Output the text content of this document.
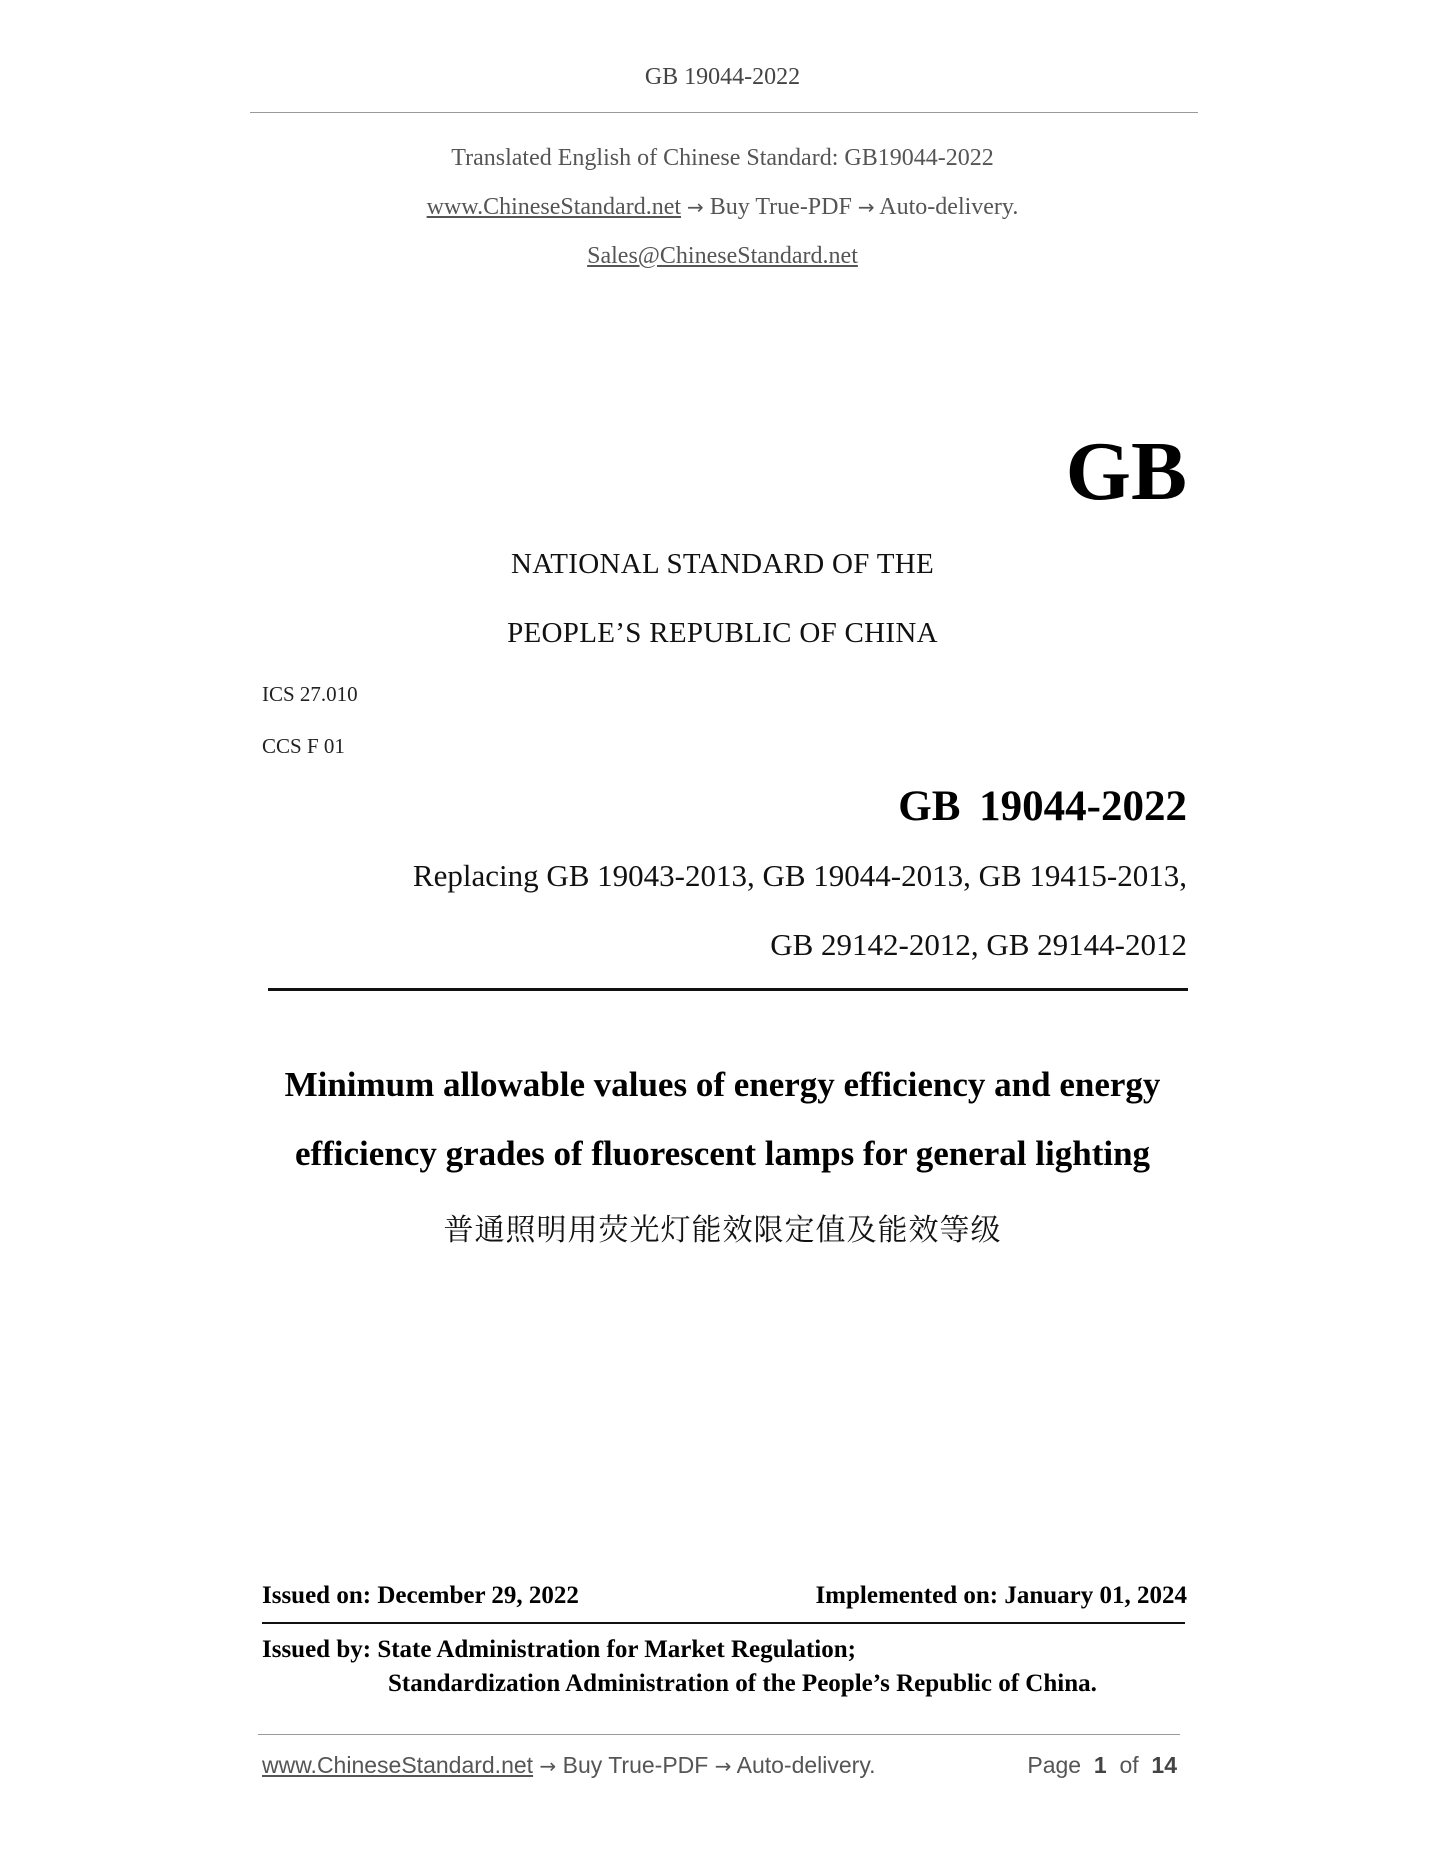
GB 19044-2022
Translated English of Chinese Standard: GB19044-2022
www.ChineseStandard.net → Buy True-PDF → Auto-delivery.
Sales@ChineseStandard.net
GB
NATIONAL STANDARD OF THE
PEOPLE’S REPUBLIC OF CHINA
ICS 27.010
CCS F 01
GB 19044-2022
Replacing GB 19043-2013, GB 19044-2013, GB 19415-2013,
GB 29142-2012, GB 29144-2012
Minimum allowable values of energy efficiency and energy
efficiency grades of fluorescent lamps for general lighting
普通照明用荧光灯能效限定值及能效等级
Issued on: December 29, 2022	Implemented on: January 01, 2024
Issued by: State Administration for Market Regulation;
Standardization Administration of the People’s Republic of China.
www.ChineseStandard.net → Buy True-PDF → Auto-delivery.	Page 1 of 14
